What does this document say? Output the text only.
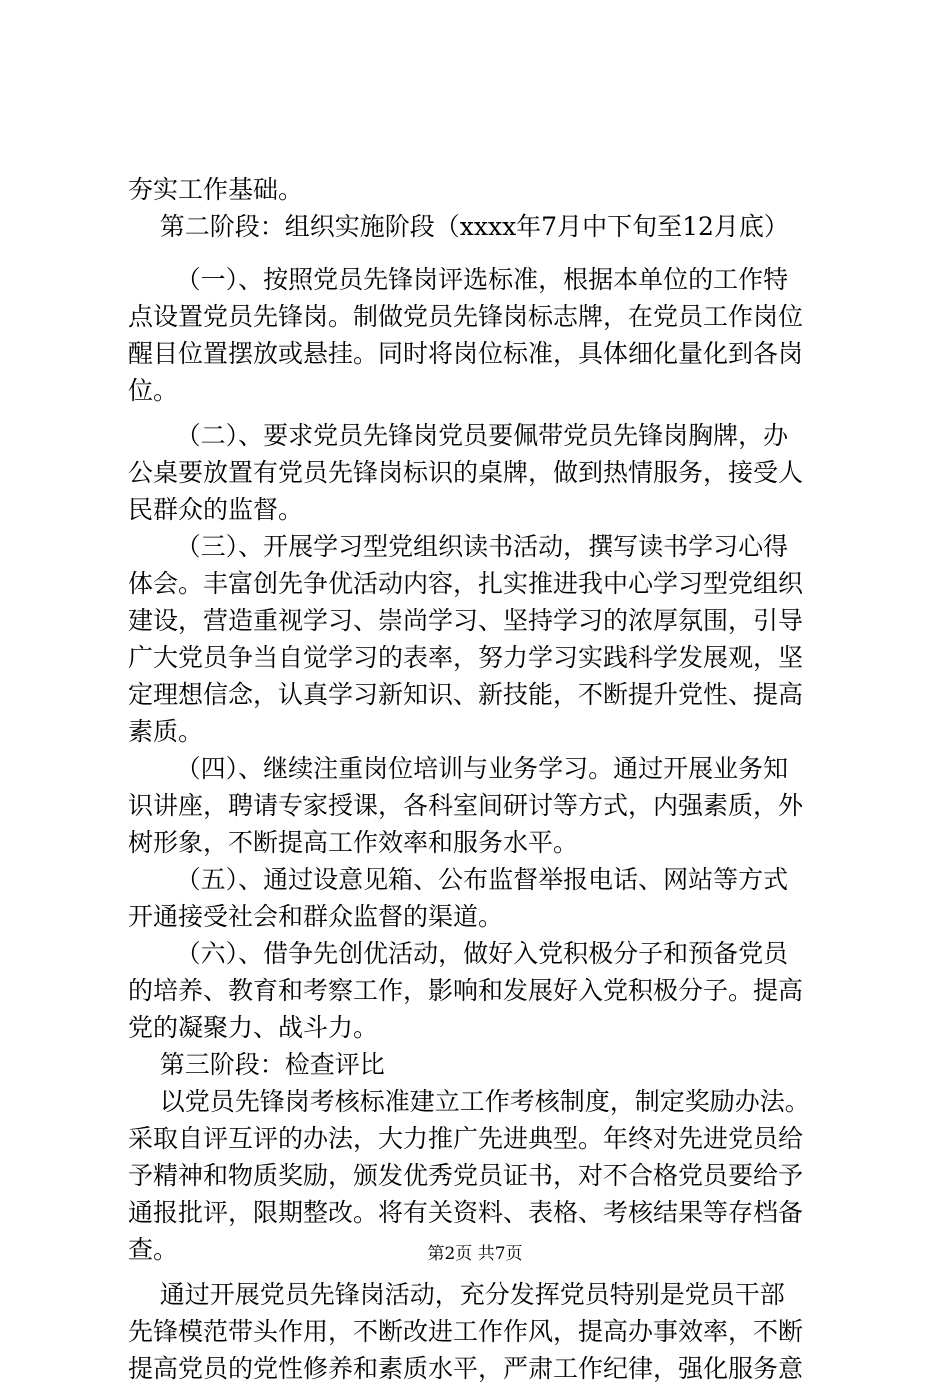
夯实工作基础。
第二阶段：组织实施阶段（xxxx年7月中下旬至12月底）
（一）、按照党员先锋岗评选标准，根据本单位的工作特
点设置党员先锋岗。制做党员先锋岗标志牌，在党员工作岗位
醒目位置摆放或悬挂。同时将岗位标准，具体细化量化到各岗
位。
（二）、要求党员先锋岗党员要佩带党员先锋岗胸牌，办
公桌要放置有党员先锋岗标识的桌牌，做到热情服务，接受人
民群众的监督。
（三）、开展学习型党组织读书活动，撰写读书学习心得
体会。丰富创先争优活动内容，扎实推进我中心学习型党组织
建设，营造重视学习、崇尚学习、坚持学习的浓厚氛围，引导
广大党员争当自觉学习的表率，努力学习实践科学发展观，坚
定理想信念，认真学习新知识、新技能，不断提升党性、提高
素质。
（四）、继续注重岗位培训与业务学习。通过开展业务知
识讲座，聘请专家授课，各科室间研讨等方式，内强素质，外
树形象，不断提高工作效率和服务水平。
（五）、通过设意见箱、公布监督举报电话、网站等方式
开通接受社会和群众监督的渠道。
（六）、借争先创优活动，做好入党积极分子和预备党员
的培养、教育和考察工作，影响和发展好入党积极分子。提高
党的凝聚力、战斗力。
第三阶段：检查评比
以党员先锋岗考核标准建立工作考核制度，制定奖励办法。
采取自评互评的办法，大力推广先进典型。年终对先进党员给
予精神和物质奖励，颁发优秀党员证书，对不合格党员要给予
通报批评，限期整改。将有关资料、表格、考核结果等存档备
查。
通过开展党员先锋岗活动，充分发挥党员特别是党员干部
先锋模范带头作用，不断改进工作作风，提高办事效率，不断
提高党员的党性修养和素质水平，严肃工作纪律，强化服务意
第2页 共7页
